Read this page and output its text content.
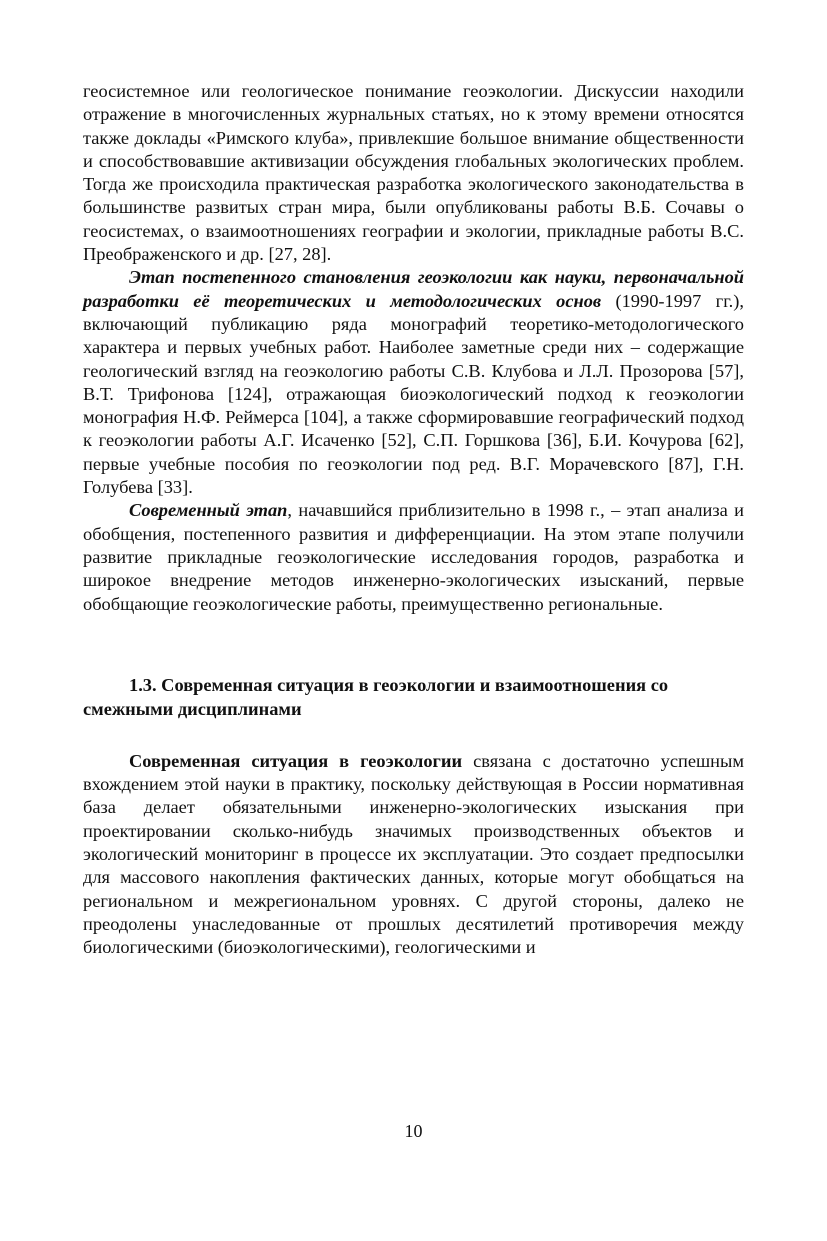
геосистемное или геологическое понимание геоэкологии. Дискуссии находили отражение в многочисленных журнальных статьях, но к этому времени относятся также доклады «Римского клуба», привлекшие большое внимание общественности и способствовавшие активизации обсуждения глобальных экологических проблем. Тогда же происходила практическая разработка экологического законодательства в большинстве развитых стран мира, были опубликованы работы В.Б. Сочавы о геосистемах, о взаимоотношениях географии и экологии, прикладные работы В.С. Преображенского и др. [27, 28].

Этап постепенного становления геоэкологии как науки, первоначальной разработки её теоретических и методологических основ (1990-1997 гг.), включающий публикацию ряда монографий теоретико-методологического характера и первых учебных работ. Наиболее заметные среди них – содержащие геологический взгляд на геоэкологию работы С.В. Клубова и Л.Л. Прозорова [57], В.Т. Трифонова [124], отражающая биоэкологический подход к геоэкологии монография Н.Ф. Реймерса [104], а также сформировавшие географический подход к геоэкологии работы А.Г. Исаченко [52], С.П. Горшкова [36], Б.И. Кочурова [62], первые учебные пособия по геоэкологии под ред. В.Г. Морачевского [87], Г.Н. Голубева [33].

Современный этап, начавшийся приблизительно в 1998 г., – этап анализа и обобщения, постепенного развития и дифференциации. На этом этапе получили развитие прикладные геоэкологические исследования городов, разработка и широкое внедрение методов инженерно-экологических изысканий, первые обобщающие геоэкологические работы, преимущественно региональные.

1.3. Современная ситуация в геоэкологии и взаимоотношения со смежными дисциплинами

Современная ситуация в геоэкологии связана с достаточно успешным вхождением этой науки в практику, поскольку действующая в России нормативная база делает обязательными инженерно-экологических изыскания при проектировании сколько-нибудь значимых производственных объектов и экологический мониторинг в процессе их эксплуатации. Это создает предпосылки для массового накопления фактических данных, которые могут обобщаться на региональном и межрегиональном уровнях. С другой стороны, далеко не преодолены унаследованные от прошлых десятилетий противоречия между биологическими (биоэкологическими), геологическими и

10
